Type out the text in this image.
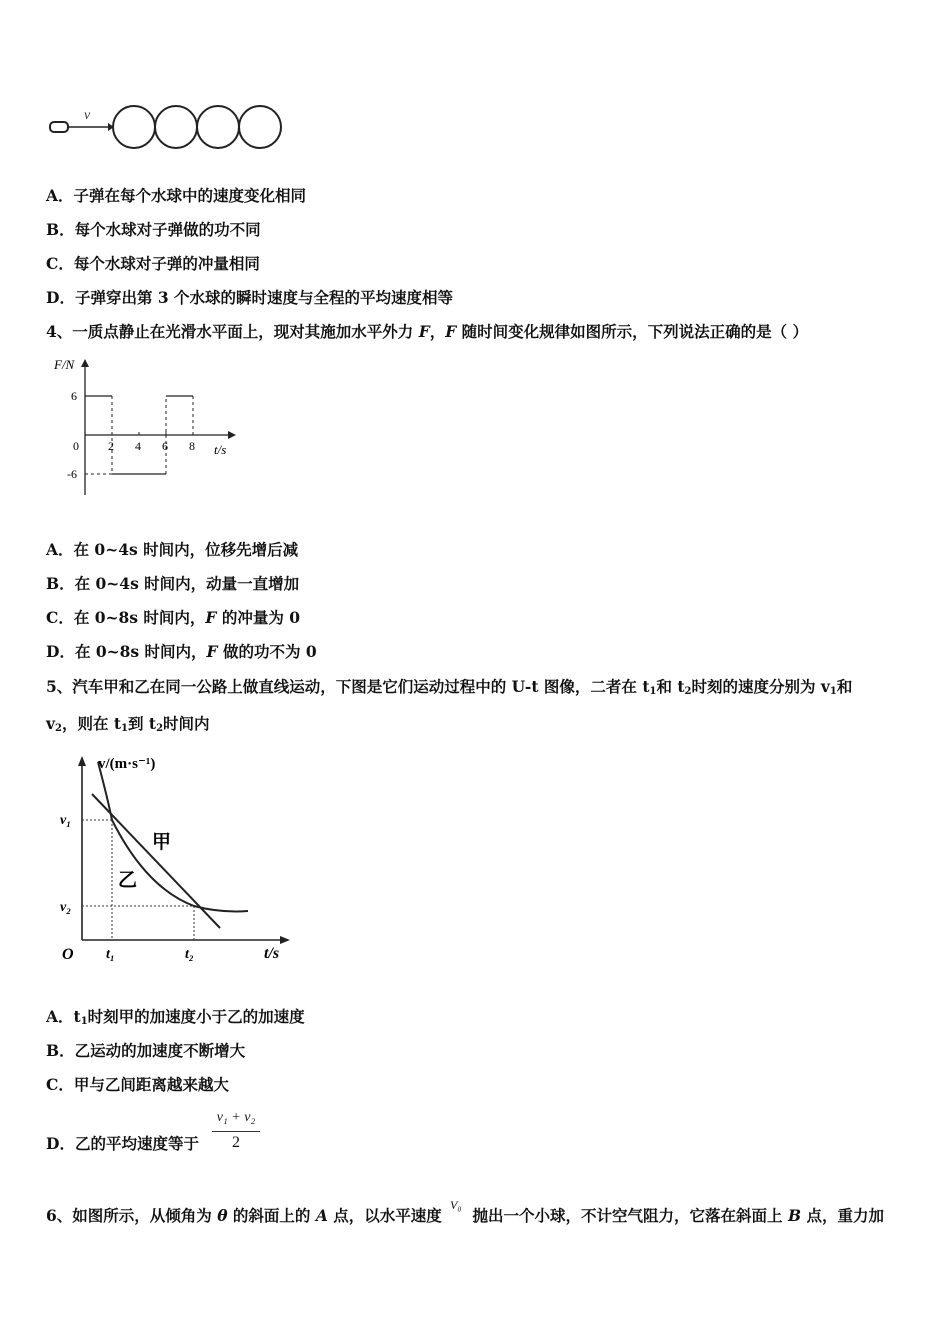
v
A．子弹在每个水球中的速度变化相同
B．每个水球对子弹做的功不同
C．每个水球对子弹的冲量相同
D．子弹穿出第 3 个水球的瞬时速度与全程的平均速度相等
4、一质点静止在光滑水平面上，现对其施加水平外力 F，F 随时间变化规律如图所示，下列说法正确的是（ ）
F/N
t/s
0 2 4 6 8
6
-6
A．在 0~4s 时间内，位移先增后减
B．在 0~4s 时间内，动量一直增加
C．在 0~8s 时间内，F 的冲量为 0
D．在 0~8s 时间内，F 做的功不为 0
5、汽车甲和乙在同一公路上做直线运动，下图是它们运动过程中的 U-t 图像，二者在 $t_1$和 $t_2$时刻的速度分别为 $v_1$和
$v_2$，则在 $t_1$到 $t_2$时间内
v/(m·s⁻¹)
t/s
O
v₁
v₂
t₁	t₂
甲
乙
A．$t_1$时刻甲的加速度小于乙的加速度
B．乙运动的加速度不断增大
C．甲与乙间距离越来越大
D．乙的平均速度等于
v₁ + v₂
2
6、如图所示，从倾角为 θ 的斜面上的 A 点，以水平速度  抛出一个小球，不计空气阻力，它落在斜面上 B 点，重力加
V₀
